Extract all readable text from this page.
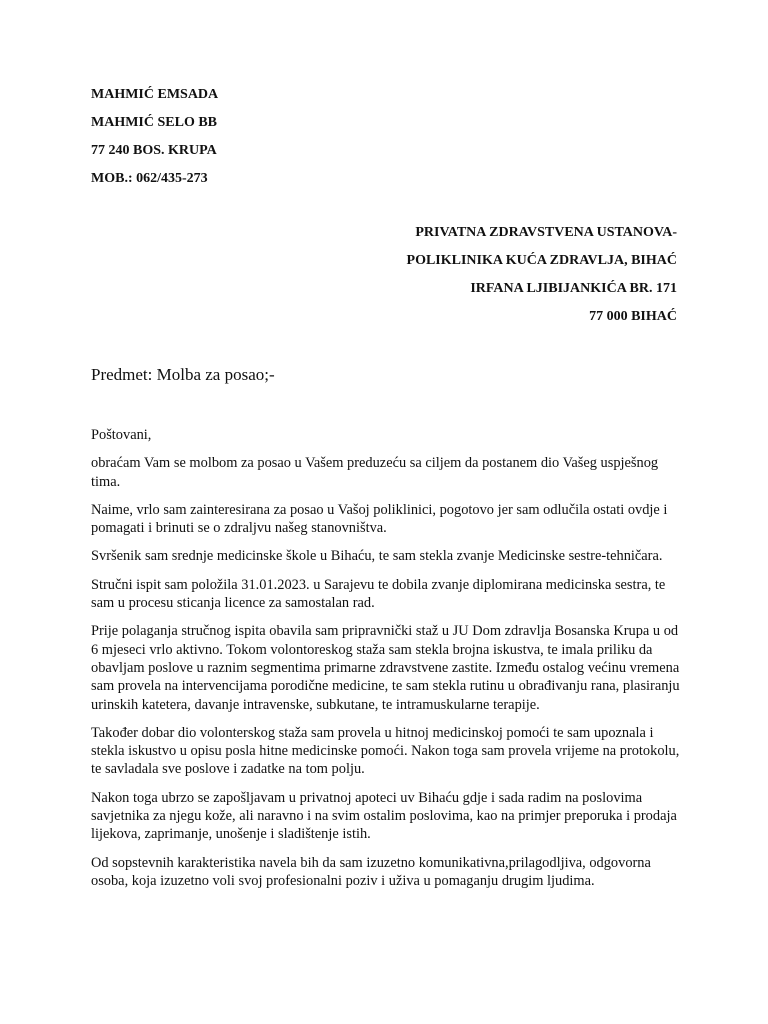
MAHMIĆ EMSADA
MAHMIĆ SELO BB
77 240 BOS. KRUPA
MOB.: 062/435-273
PRIVATNA ZDRAVSTVENA USTANOVA-
POLIKLINIKA KUĆA ZDRAVLJA, BIHAĆ
IRFANA LJIBIJANKIĆA BR. 171
77 000 BIHAĆ
Predmet: Molba za posao;-

Poštovani,

obraćam Vam se molbom za posao u Vašem preduzeću sa ciljem da postanem dio Vašeg uspješnog tima.

Naime, vrlo sam zainteresirana za posao u Vašoj poliklinici, pogotovo jer sam odlučila ostati ovdje i pomagati i brinuti se o zdraljvu našeg stanovništva.

Svršenik sam srednje medicinske škole u Bihaću, te sam stekla zvanje Medicinske sestre-tehničara.

Stručni ispit sam položila 31.01.2023. u Sarajevu te dobila zvanje diplomirana medicinska sestra, te sam u procesu sticanja licence za samostalan rad.

Prije polaganja stručnog ispita obavila sam pripravnički staž u JU Dom zdravlja Bosanska Krupa u od 6 mjeseci vrlo aktivno. Tokom volontoreskog staža sam stekla brojna iskustva, te imala priliku da obavljam poslove u raznim segmentima primarne zdravstvene zastite. Između ostalog većinu vremena sam provela na intervencijama porodične medicine, te sam stekla rutinu u obrađivanju rana, plasiranju urinskih katetera, davanje intravenske, subkutane, te intramuskularne terapije.

Također dobar dio volonterskog staža sam provela u hitnoj medicinskoj pomoći te sam upoznala i stekla iskustvo u opisu posla hitne medicinske pomoći. Nakon toga sam provela vrijeme na protokolu, te savladala sve poslove i zadatke na tom polju.

Nakon toga ubrzo se zapošljavam u privatnoj apoteci uv Bihaću gdje i sada radim na poslovima savjetnika za njegu kože, ali naravno i na svim ostalim poslovima, kao na primjer preporuka i prodaja lijekova, zaprimanje, unošenje i sladištenje istih.

Od sopstevnih karakteristika navela bih da sam izuzetno komunikativna,prilagodljiva, odgovorna osoba, koja izuzetno voli svoj profesionalni poziv i uživa u pomaganju drugim ljudima.
